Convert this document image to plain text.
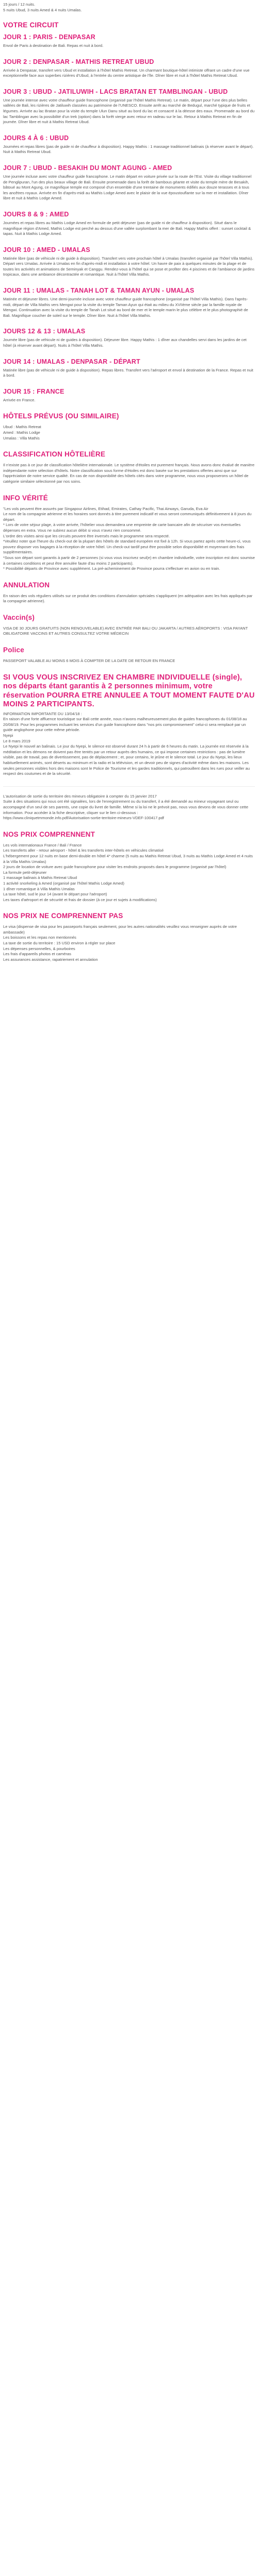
15 jours / 12 nuits.

5 nuits Ubud, 3 nuits Amed & 4 nuits Umalas.

VOTRE CIRCUIT
JOUR 1 : PARIS - DENPASAR

Envol de Paris à destination de Bali. Repas et nuit à bord.

JOUR 2 : DENPASAR - MATHIS RETREAT UBUD

Arrivée à Denpasar, transfert vers Ubud et installation à l'hôtel Mathis Retreat. Un charmant boutique-hôtel intimiste offrant un cadre d'une vue exceptionnelle face aux superbes rizières d'Ubud, à l'entrée du centre artistique de l'île. Dîner libre et nuit à l'hôtel Mathis Retreat Ubud.

JOUR 3 : UBUD - JATILUWIH - LACS BRATAN ET TAMBLINGAN - UBUD

Une journée intense avec votre chauffeur guide francophone (organisé par l'hôtel Mathis Retreat). Le matin, départ pour l'une des plus belles vallées de Bali, les rizières de Jatiluwih classées au patrimoine de l'UNESCO. Ensuite arrêt au marché de Bedugul, marché typique de fruits et légumes. Arrivée au lac Bratan pour la visite du temple Ulun Danu situé au bord du lac et consacré à la déesse des eaux. Promenade au bord du lac Tamblingan avec la possibilité d'un trek (option) dans la forêt vierge avec retour en radeau sur le lac. Retour à Mathis Retreat en fin de journée. Dîner libre et nuit à Mathis Retreat Ubud.

JOURS 4 À 6 : UBUD

Journées et repas libres (pas de guide ni de chauffeur à disposition). Happy Mathis : 1 massage traditionnel balinais (à réserver avant le départ). Nuit à Mathis Retreat Ubud.

JOUR 7 : UBUD - BESAKIH DU MONT AGUNG - AMED

Une journée incluse avec votre chauffeur guide francophone. Le matin départ en voiture privée sur la route de l'Est. Visite du village traditionnel de Penglipuran, l'un des plus beaux village de Bali. Ensuite promenade dans la forêt de bambous géante et visite du temple mère de Besakih, bâtoué au Mont Agung, ce magnifique temple est composé d'un ensemble d'une trentaine de monuments édifiés aux douze terasses et à tous les ancêtres royaux. Arrivée en fin d'après-midi au Mathis Lodge Amed avec le plaisir de la vue époustouflante sur la mer et installation. Dîner libre et nuit à Mathis Lodge Amed.

JOURS 8 & 9 : AMED

Journées et repas libres au Mathis Lodge Amed en formule de petit déjeuner (pas de guide ni de chauffeur à disposition). Situé dans le magnifique région d'Amed, Mathis Lodge est perché au dessus d'une vallée surplombant la mer de Bali. Happy Mathis offert : sunset cocktail & tapas. Nuit à Mathis Lodge Amed.

JOUR 10 : AMED - UMALAS

Matinée libre (pas de véhicule ni de guide à disposition). Transfert vers votre prochain hôtel à Umalas (transfert organisé par l'hôtel Villa Mathis). Départ vers Umalas. Arrivée à Umalas en fin d'après-midi et installation à votre hôtel. Un havre de paix à quelques minutes de la plage et de toutes les activités et animations de Seminyak et Canggu. Rendez-vous à l'hôtel qui se pose et profiter des 4 piscines et de l'ambiance de jardins tropicaux, dans une ambiance décontractée et romantique. Nuit à l'hôtel Villa Mathis.

JOUR 11 : UMALAS - TANAH LOT & TAMAN AYUN - UMALAS

Matinée et déjeuner libres. Une demi-journée incluse avec votre chauffeur guide francophone (organisé par l'hôtel Villa Mathis). Dans l'après-midi, départ de Villa Mathis vers Mengwi pour la visite du temple Taman Ayun qui était au milieu du XVIIème siècle par la famille royale de Mengwi. Continuation avec la visite du temple de Tanah Lot situé au bord de mer et le temple marin le plus célèbre et le plus photographié de Bali. Magnifique coucher de soleil sur le temple. Dîner libre. Nuit à l'hôtel Villa Mathis.

JOURS 12 & 13 : UMALAS

Journée libre (pas de véhicule ni de guides à disposition). Déjeuner libre. Happy Mathis : 1 dîner aux chandelles servi dans les jardins de cet hôtel (à réserver avant départ). Nuits à l'hôtel Villa Mathis.

JOUR 14 : UMALAS - DENPASAR - DÉPART

Matinée libre (pas de véhicule ni de guide à disposition). Repas libres. Transfert vers l'aéroport et envol à destination de la France. Repas et nuit à bord.

JOUR 15 : FRANCE

Arrivée en France.

HÔTELS PRÉVUS (OU SIMILAIRE)

Ubud : Mathis Retreat

Amed : Mathis Lodge

Umalas : Villa Mathis

CLASSIFICATION HÔTELIÈRE

Il n'existe pas à ce jour de classification hôtelière internationale. Le système d'étoiles est purement français. Nous avons donc évalué de manière indépendante notre sélection d'hôtels. Notre classification sous forme d'étoiles est donc basée sur les prestations offertes ainsi que sur l'appréciation de notre service qualité. En cas de non disponibilité des hôtels cités dans votre programme, nous vous proposerons un hôtel de catégorie similaire sélectionné par nos soins.

INFO VÉRITÉ

"Les vols peuvent être assurés par Singapour Airlines, Etihad, Emirates, Cathay Pacific, Thai Airways, Garuda, Eva Air

Le nom de la compagnie aérienne et les horaires sont donnés à titre purement indicatif et vous seront communiqués définitivement à 8 jours du départ.

* Lors de votre séjour plage, à votre arrivée, l'hôtelier vous demandera une empreinte de carte bancaire afin de sécuriser vos éventuelles dépenses en extra. Vous ne subirez aucun débit si vous n'avez rien consommé.

L'ordre des visites ainsi que les circuits peuvent être inversés mais le programme sera respecté.

*Veuillez noter que l'heure du check-out de la plupart des hôtels de standard européen est fixé à 12h. Si vous partez après cette heure-ci, vous pouvez disposer vos bagages à la réception de votre hôtel. Un check-out tardif peut être possible selon disponibilité et moyennant des frais supplémentaires.

*Sous son départ sont garantis à partir de 2 personnes (si vous vous inscrivez seul(e) en chambre individuelle, votre inscription est donc soumise à certaines conditions et peut être annulée faute d'au moins 2 participants).

* Possibilité départs de Province avec supplément. La pré-acheminement de Province pourra s'effectuer en avion ou en train.

ANNULATION

En raison des vols réguliers utilisés sur ce produit des conditions d'annulation spéciales s'appliquent (en adéquation avec les frais appliqués par la compagnie aérienne).

Vaccin(s)

VISA DE 30 JOURS GRATUITS (NON RENOUVELABLE) AVEC ENTRÉE PAR BALI OU JAKARTA / AUTRES AÉROPORTS : VISA PAYANT OBLIGATOIRE VACCINS ET AUTRES CONSULTEZ VOTRE MÉDECIN

Police

PASSEPORT VALABLE AU MOINS 6 MOIS À COMPTER DE LA DATE DE RETOUR EN FRANCE

SI VOUS VOUS INSCRIVEZ EN CHAMBRE INDIVIDUELLE (single), nos départs étant garantis à 2 personnes minimum, votre réservation POURRA ETRE ANNULEE A TOUT MOMENT FAUTE D'AU MOINS 2 PARTICIPANTS.

INFORMATION IMPORTANTE DU 13/04/18 :

En raison d'une forte affluence touristique sur Bali cette année, nous n'avons malheureusement plus de guides francophones du 01/08/18 au 20/08/19. Pour les programmes incluant les services d'un guide francophone dans "nos pris compromisement" celui-ci sera remplacé par un guide anglophone pour cette même période.

Nyepi

Le 8 mars 2019

Le Nyepi le nouvel an balinais. Le jour du Nyepi, le silence est observé durant 24 h à partir de 6 heures du matin. La journée est réservée à la méditation et les démons ne doivent pas être tentés par un retour auprès des humains, ce qui impose certaines restrictions : pas de lumière visible, pas de travail, pas de divertissement, pas de déplacement ; et, pour certains, le jeûne et le silence total. Le jour du Nyepi, les lieux habituellement animés, sont déserts au minimum et la radio et la télévision, et un devoir peu de signes d'activité même dans les maisons. Les seules personnes visibles hors des maisons sont le Police de Tourisme et les gardes traditionnels, qui patrouillent dans les rues pour veiller au respect des coutumes et de la sécurité.

L'autorisation de sortie du territoire des mineurs obligatoire à compter du 15 janvier 2017

Suite à des situations qui nous ont été signalées, lors de l'enregistrement ou du transfert, il a été demandé au mineur voyageant seul ou accompagné d'un seul de ses parents, une copie du livret de famille. Même si la loi ne le prévoit pas, nous vous devons de vous donner cette information. Pour accéder à la fiche descriptive, cliquer sur le lien ci-dessous :

https://www.cliniquetmmonde.info.pdf/Autorisation-sortie-territoire-mineurs-VDEF-100417.pdf

NOS PRIX COMPRENNENT

Les vols internationaux France / Bali / France

Les transferts aller - retour aéroport - hôtel & les transferts inter-hôtels en véhicules climatisé

L'hébergement pour 12 nuits en base demi-double en hôtel 4* charme (5 nuits au Mathis Retreat Ubud, 3 nuits au Mathis Lodge Amed et 4 nuits à la Villa Mathis Umalas)

2 jours de location de voiture avec guide francophone pour visiter les endroits proposés dans le programme (organisé par l'hôtel)

La formule petit-déjeuner

1 massage balinais à Mathis Retreat Ubud

1 activité snorkeling à Amed (organisé par l'hôtel Mathis Lodge Amed)

1 dîner romantique à Villa Mathis Umalas

La taxe hôtel, sud le jour 14 (avant le départ pour l'aéroport)

Les taxes d'aéroport et de sécurité et frais de dossier (à ce jour et sujets à modifications)

NOS PRIX NE COMPRENNENT PAS

Le visa (dispense de visa pour les passeports français seulement, pour les autres nationalités veuillez vous renseigner auprès de votre ambassade)

Les boissons et les repas non mentionnés

La taxe de sortie du territoire : 15 USD environ à régler sur place

Les dépenses personnelles, & pourboires

Les frais d'appareils photos et caméras

Les assurances assistance, rapatriement et annulation
